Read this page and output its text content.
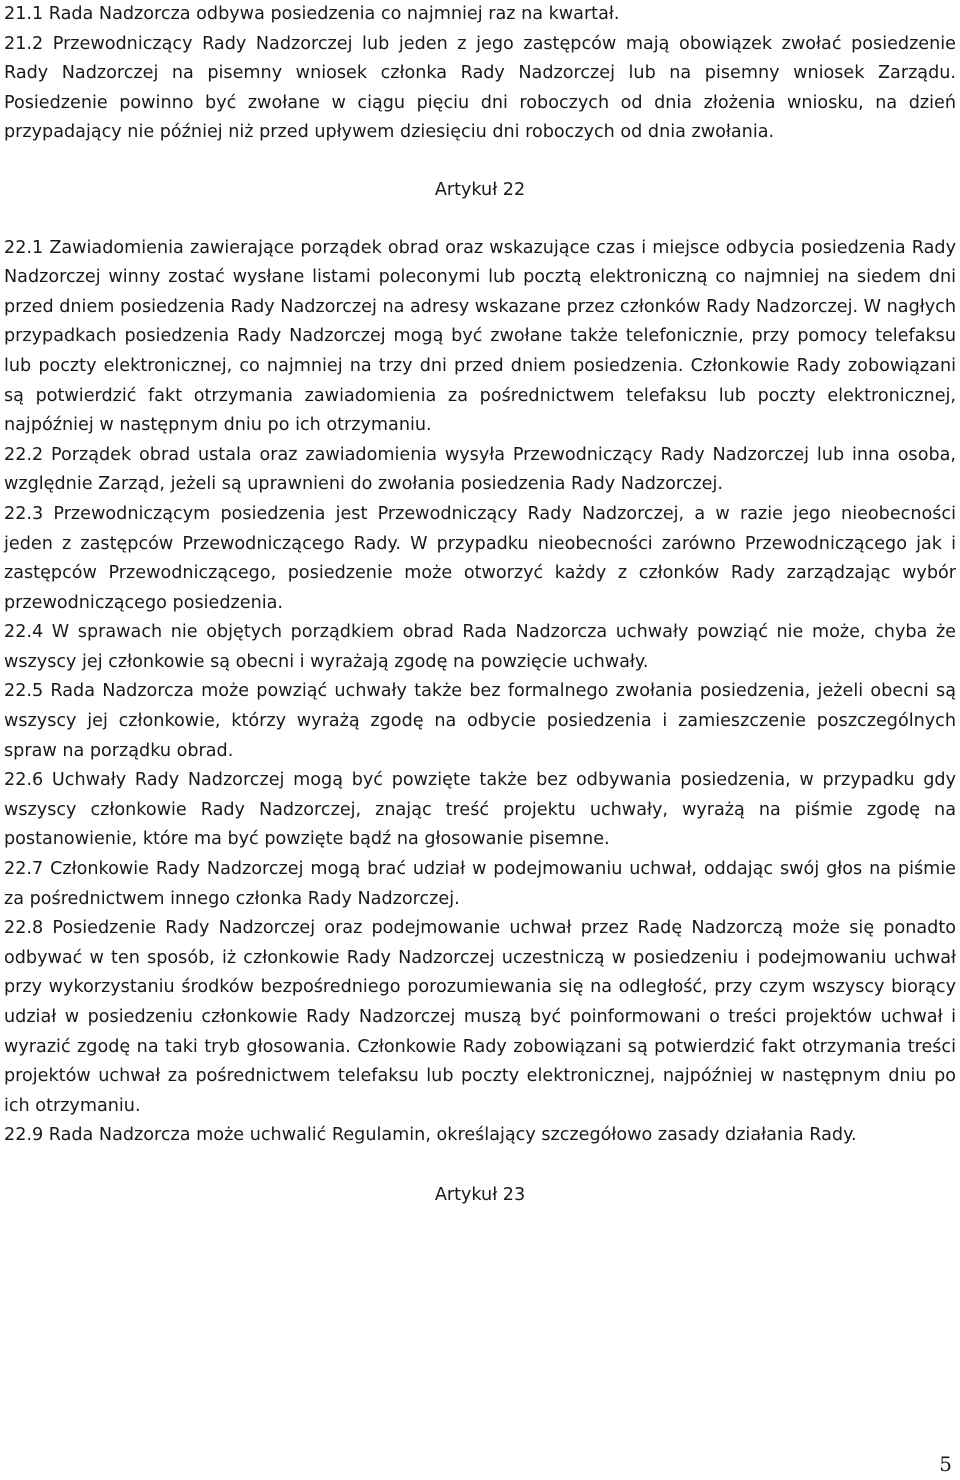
21.1 Rada Nadzorcza odbywa posiedzenia co najmniej raz na kwartał.

21.2 Przewodniczący Rady Nadzorczej lub jeden z jego zastępców mają obowiązek zwołać posiedzenie Rady Nadzorczej na pisemny wniosek członka Rady Nadzorczej lub na pisemny wniosek Zarządu. Posiedzenie powinno być zwołane w ciągu pięciu dni roboczych od dnia złożenia wniosku, na dzień przypadający nie później niż przed upływem dziesięciu dni roboczych od dnia zwołania.

Artykuł 22

22.1 Zawiadomienia zawierające porządek obrad oraz wskazujące czas i miejsce odbycia posiedzenia Rady Nadzorczej winny zostać wysłane listami poleconymi lub pocztą elektroniczną co najmniej na siedem dni przed dniem posiedzenia Rady Nadzorczej na adresy wskazane przez członków Rady Nadzorczej. W nagłych przypadkach posiedzenia Rady Nadzorczej mogą być zwołane także telefonicznie, przy pomocy telefaksu lub poczty elektronicznej, co najmniej na trzy dni przed dniem posiedzenia. Członkowie Rady zobowiązani są potwierdzić fakt otrzymania zawiadomienia za pośrednictwem telefaksu lub poczty elektronicznej, najpóźniej w następnym dniu po ich otrzymaniu.

22.2 Porządek obrad ustala oraz zawiadomienia wysyła Przewodniczący Rady Nadzorczej lub inna osoba, względnie Zarząd, jeżeli są uprawnieni do zwołania posiedzenia Rady Nadzorczej.

22.3 Przewodniczącym posiedzenia jest Przewodniczący Rady Nadzorczej, a w razie jego nieobecności jeden z zastępców Przewodniczącego Rady. W przypadku nieobecności zarówno Przewodniczącego jak i zastępców Przewodniczącego, posiedzenie może otworzyć każdy z członków Rady zarządzając wybór przewodniczącego posiedzenia.

22.4 W sprawach nie objętych porządkiem obrad Rada Nadzorcza uchwały powziąć nie może, chyba że wszyscy jej członkowie są obecni i wyrażają zgodę na powzięcie uchwały.

22.5 Rada Nadzorcza może powziąć uchwały także bez formalnego zwołania posiedzenia, jeżeli obecni są wszyscy jej członkowie, którzy wyrażą zgodę na odbycie posiedzenia i zamieszczenie poszczególnych spraw na porządku obrad.

22.6 Uchwały Rady Nadzorczej mogą być powzięte także bez odbywania posiedzenia, w przypadku gdy wszyscy członkowie Rady Nadzorczej, znając treść projektu uchwały, wyrażą na piśmie zgodę na postanowienie, które ma być powzięte bądź na głosowanie pisemne.

22.7 Członkowie Rady Nadzorczej mogą brać udział w podejmowaniu uchwał, oddając swój głos na piśmie za pośrednictwem innego członka Rady Nadzorczej.

22.8 Posiedzenie Rady Nadzorczej oraz podejmowanie uchwał przez Radę Nadzorczą może się ponadto odbywać w ten sposób, iż członkowie Rady Nadzorczej uczestniczą w posiedzeniu i podejmowaniu uchwał przy wykorzystaniu środków bezpośredniego porozumiewania się na odległość, przy czym wszyscy biorący udział w posiedzeniu członkowie Rady Nadzorczej muszą być poinformowani o treści projektów uchwał i wyrazić zgodę na taki tryb głosowania. Członkowie Rady zobowiązani są potwierdzić fakt otrzymania treści projektów uchwał za pośrednictwem telefaksu lub poczty elektronicznej, najpóźniej w następnym dniu po ich otrzymaniu.

22.9 Rada Nadzorcza może uchwalić Regulamin, określający szczegółowo zasady działania Rady.

Artykuł 23

5
